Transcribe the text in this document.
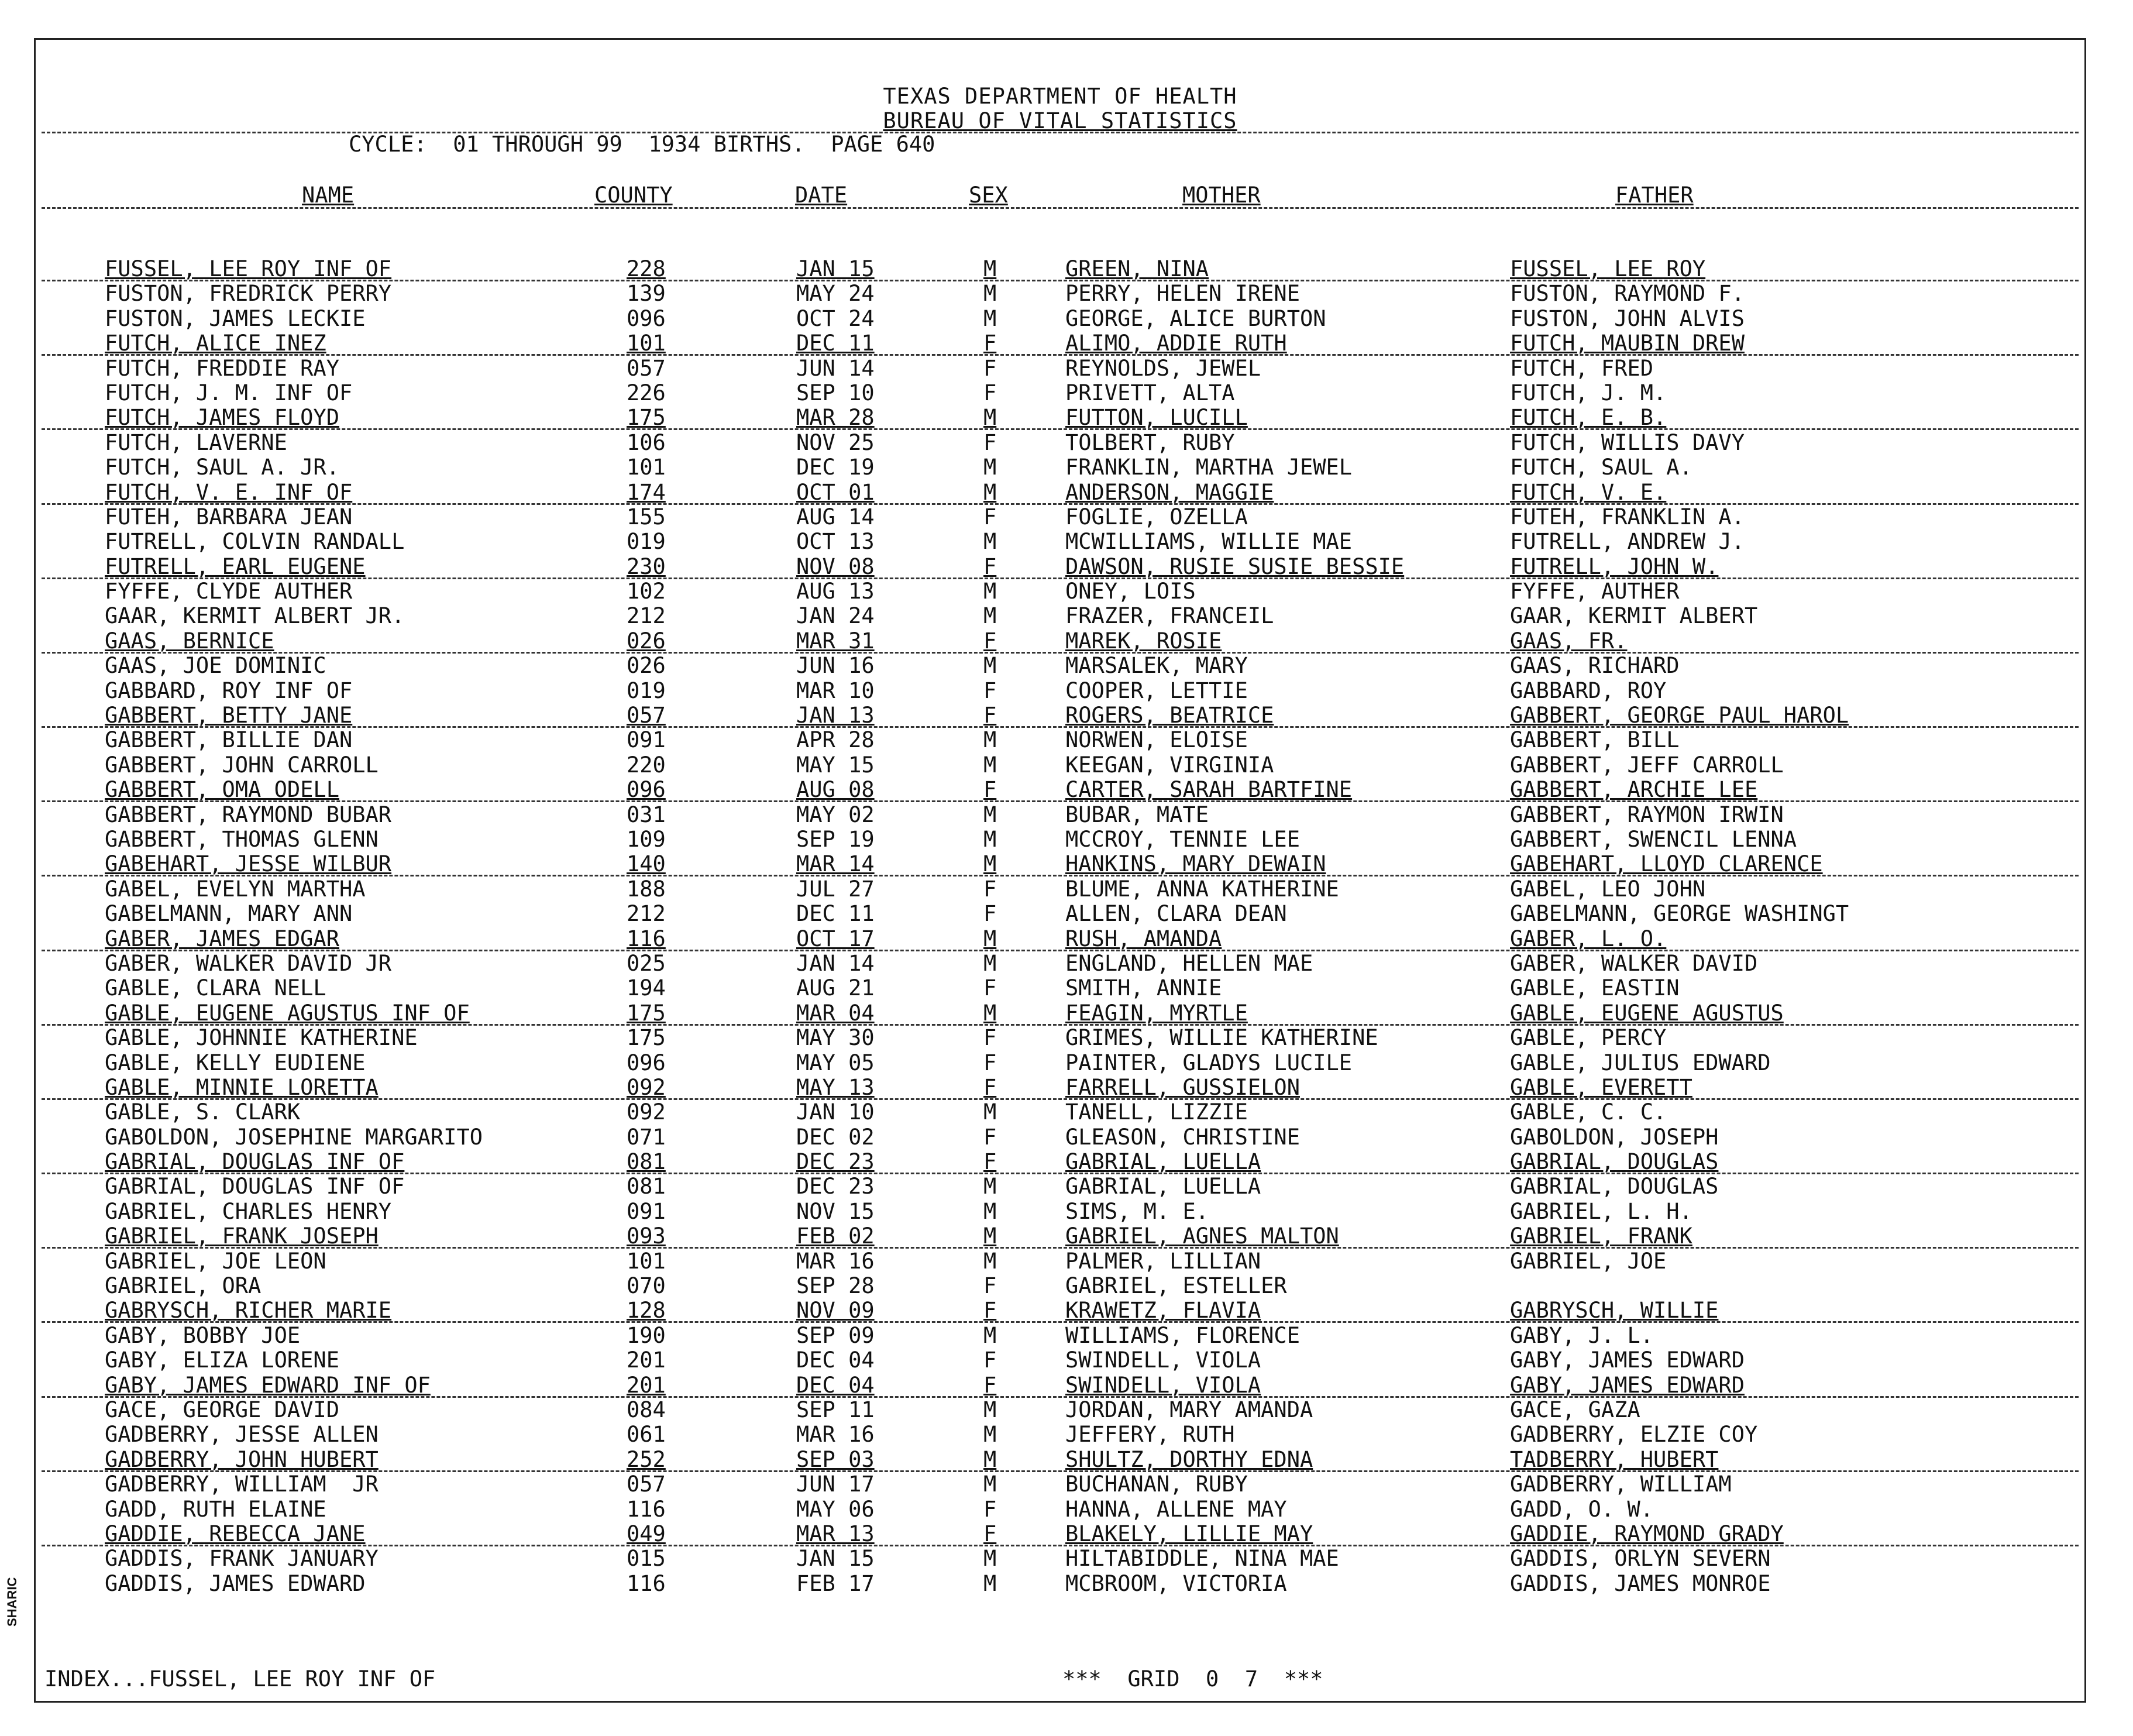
TEXAS DEPARTMENT OF HEALTH
BUREAU OF VITAL STATISTICS
CYCLE:  01 THROUGH 99  1934 BIRTHS.  PAGE 640
NAME	COUNTY	DATE	SEX	MOTHER	FATHER
FUSSEL, LEE ROY INF OF	228	JAN 15	M	GREEN, NINA	FUSSEL, LEE ROY
FUSTON, FREDRICK PERRY	139	MAY 24	M	PERRY, HELEN IRENE	FUSTON, RAYMOND F.
FUSTON, JAMES LECKIE	096	OCT 24	M	GEORGE, ALICE BURTON	FUSTON, JOHN ALVIS
FUTCH, ALICE INEZ	101	DEC 11	F	ALIMO, ADDIE RUTH	FUTCH, MAUBIN DREW
FUTCH, FREDDIE RAY	057	JUN 14	F	REYNOLDS, JEWEL	FUTCH, FRED
FUTCH, J. M. INF OF	226	SEP 10	F	PRIVETT, ALTA	FUTCH, J. M.
FUTCH, JAMES FLOYD	175	MAR 28	M	FUTTON, LUCILL	FUTCH, E. B.
FUTCH, LAVERNE	106	NOV 25	F	TOLBERT, RUBY	FUTCH, WILLIS DAVY
FUTCH, SAUL A. JR.	101	DEC 19	M	FRANKLIN, MARTHA JEWEL	FUTCH, SAUL A.
FUTCH, V. E. INF OF	174	OCT 01	M	ANDERSON, MAGGIE	FUTCH, V. E.
FUTEH, BARBARA JEAN	155	AUG 14	F	FOGLIE, OZELLA	FUTEH, FRANKLIN A.
FUTRELL, COLVIN RANDALL	019	OCT 13	M	MCWILLIAMS, WILLIE MAE	FUTRELL, ANDREW J.
FUTRELL, EARL EUGENE	230	NOV 08	F	DAWSON, RUSIE SUSIE BESSIE	FUTRELL, JOHN W.
FYFFE, CLYDE AUTHER	102	AUG 13	M	ONEY, LOIS	FYFFE, AUTHER
GAAR, KERMIT ALBERT JR.	212	JAN 24	M	FRAZER, FRANCEIL	GAAR, KERMIT ALBERT
GAAS, BERNICE	026	MAR 31	F	MAREK, ROSIE	GAAS, FR.
GAAS, JOE DOMINIC	026	JUN 16	M	MARSALEK, MARY	GAAS, RICHARD
GABBARD, ROY INF OF	019	MAR 10	F	COOPER, LETTIE	GABBARD, ROY
GABBERT, BETTY JANE	057	JAN 13	F	ROGERS, BEATRICE	GABBERT, GEORGE PAUL HAROL
GABBERT, BILLIE DAN	091	APR 28	M	NORWEN, ELOISE	GABBERT, BILL
GABBERT, JOHN CARROLL	220	MAY 15	M	KEEGAN, VIRGINIA	GABBERT, JEFF CARROLL
GABBERT, OMA ODELL	096	AUG 08	F	CARTER, SARAH BARTFINE	GABBERT, ARCHIE LEE
GABBERT, RAYMOND BUBAR	031	MAY 02	M	BUBAR, MATE	GABBERT, RAYMON IRWIN
GABBERT, THOMAS GLENN	109	SEP 19	M	MCCROY, TENNIE LEE	GABBERT, SWENCIL LENNA
GABEHART, JESSE WILBUR	140	MAR 14	M	HANKINS, MARY DEWAIN	GABEHART, LLOYD CLARENCE
GABEL, EVELYN MARTHA	188	JUL 27	F	BLUME, ANNA KATHERINE	GABEL, LEO JOHN
GABELMANN, MARY ANN	212	DEC 11	F	ALLEN, CLARA DEAN	GABELMANN, GEORGE WASHINGT
GABER, JAMES EDGAR	116	OCT 17	M	RUSH, AMANDA	GABER, L. O.
GABER, WALKER DAVID JR	025	JAN 14	M	ENGLAND, HELLEN MAE	GABER, WALKER DAVID
GABLE, CLARA NELL	194	AUG 21	F	SMITH, ANNIE	GABLE, EASTIN
GABLE, EUGENE AGUSTUS INF OF	175	MAR 04	M	FEAGIN, MYRTLE	GABLE, EUGENE AGUSTUS
GABLE, JOHNNIE KATHERINE	175	MAY 30	F	GRIMES, WILLIE KATHERINE	GABLE, PERCY
GABLE, KELLY EUDIENE	096	MAY 05	F	PAINTER, GLADYS LUCILE	GABLE, JULIUS EDWARD
GABLE, MINNIE LORETTA	092	MAY 13	F	FARRELL, GUSSIELON	GABLE, EVERETT
GABLE, S. CLARK	092	JAN 10	M	TANELL, LIZZIE	GABLE, C. C.
GABOLDON, JOSEPHINE MARGARITO	071	DEC 02	F	GLEASON, CHRISTINE	GABOLDON, JOSEPH
GABRIAL, DOUGLAS INF OF	081	DEC 23	F	GABRIAL, LUELLA	GABRIAL, DOUGLAS
GABRIAL, DOUGLAS INF OF	081	DEC 23	M	GABRIAL, LUELLA	GABRIAL, DOUGLAS
GABRIEL, CHARLES HENRY	091	NOV 15	M	SIMS, M. E.	GABRIEL, L. H.
GABRIEL, FRANK JOSEPH	093	FEB 02	M	GABRIEL, AGNES MALTON	GABRIEL, FRANK
GABRIEL, JOE LEON	101	MAR 16	M	PALMER, LILLIAN	GABRIEL, JOE
GABRIEL, ORA	070	SEP 28	F	GABRIEL, ESTELLER
GABRYSCH, RICHER MARIE	128	NOV 09	F	KRAWETZ, FLAVIA	GABRYSCH, WILLIE
GABY, BOBBY JOE	190	SEP 09	M	WILLIAMS, FLORENCE	GABY, J. L.
GABY, ELIZA LORENE	201	DEC 04	F	SWINDELL, VIOLA	GABY, JAMES EDWARD
GABY, JAMES EDWARD INF OF	201	DEC 04	F	SWINDELL, VIOLA	GABY, JAMES EDWARD
GACE, GEORGE DAVID	084	SEP 11	M	JORDAN, MARY AMANDA	GACE, GAZA
GADBERRY, JESSE ALLEN	061	MAR 16	M	JEFFERY, RUTH	GADBERRY, ELZIE COY
GADBERRY, JOHN HUBERT	252	SEP 03	M	SHULTZ, DORTHY EDNA	TADBERRY, HUBERT
GADBERRY, WILLIAM  JR	057	JUN 17	M	BUCHANAN, RUBY	GADBERRY, WILLIAM
GADD, RUTH ELAINE	116	MAY 06	F	HANNA, ALLENE MAY	GADD, O. W.
GADDIE, REBECCA JANE	049	MAR 13	F	BLAKELY, LILLIE MAY	GADDIE, RAYMOND GRADY
GADDIS, FRANK JANUARY	015	JAN 15	M	HILTABIDDLE, NINA MAE	GADDIS, ORLYN SEVERN
GADDIS, JAMES EDWARD	116	FEB 17	M	MCBROOM, VICTORIA	GADDIS, JAMES MONROE
INDEX...FUSSEL, LEE ROY INF OF	***  GRID  0  7  ***
SHARIC
